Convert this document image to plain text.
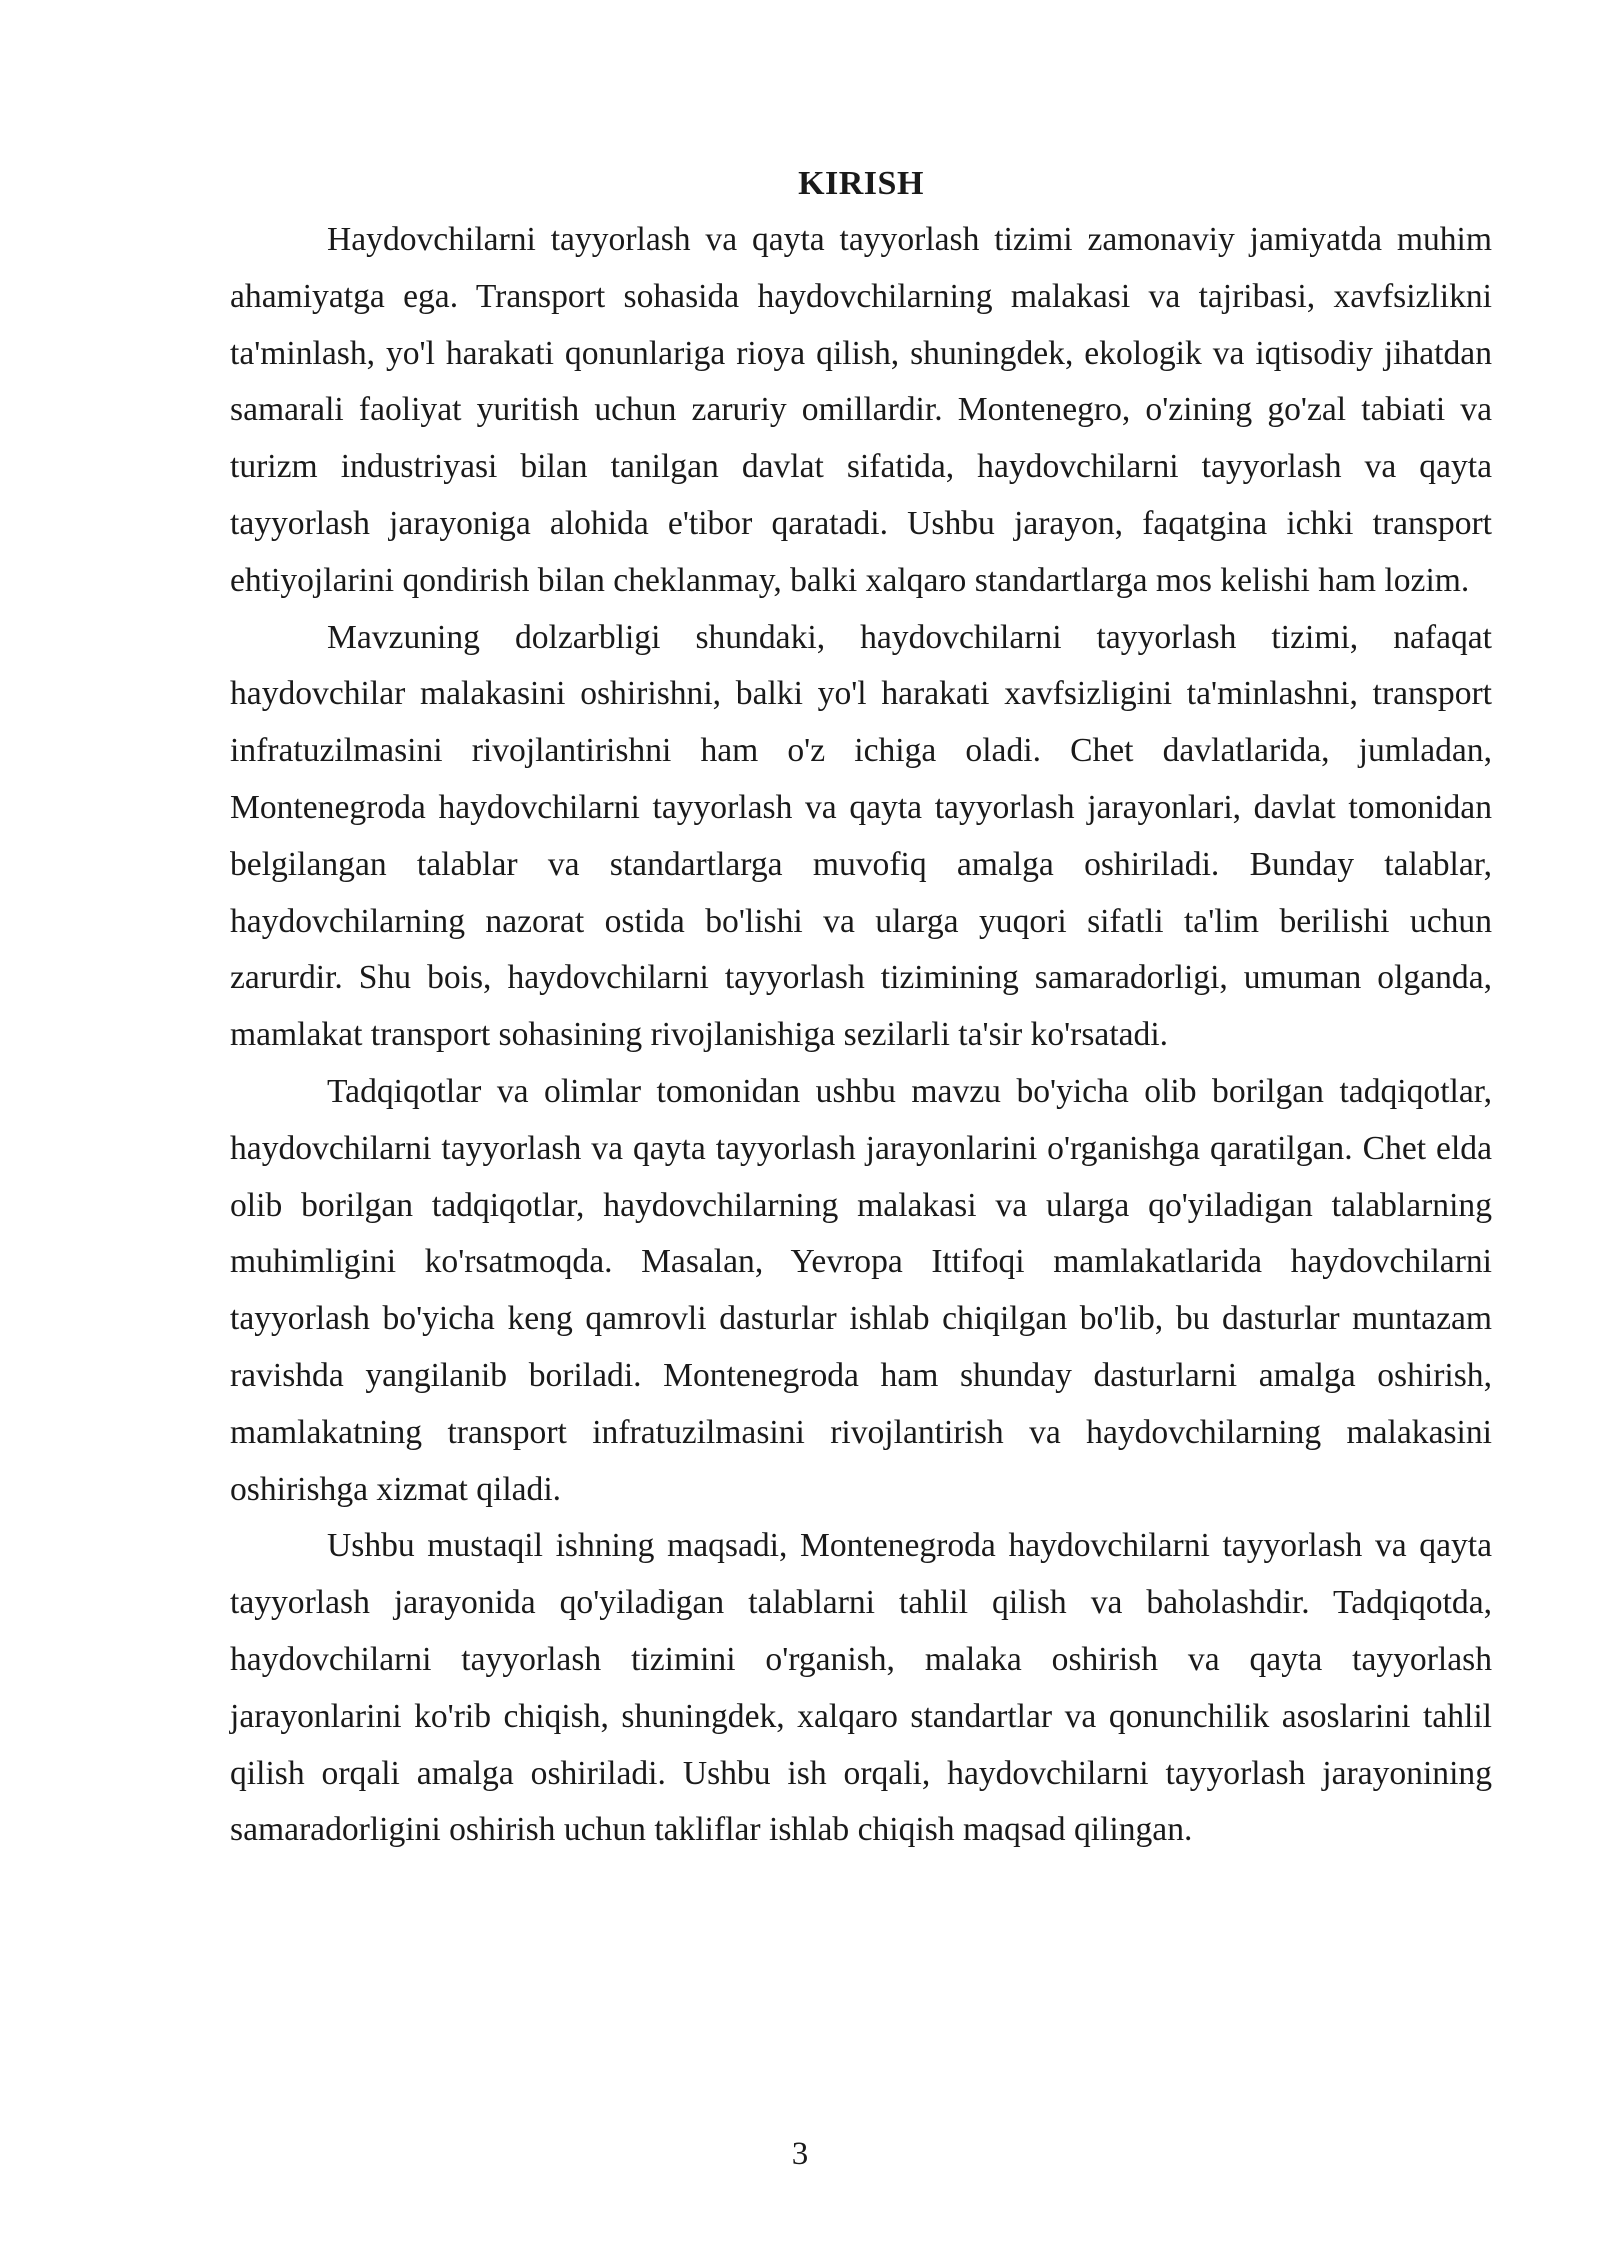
KIRISH

Haydovchilarni tayyorlash va qayta tayyorlash tizimi zamonaviy jamiyatda muhim ahamiyatga ega. Transport sohasida haydovchilarning malakasi va tajribasi, xavfsizlikni ta'minlash, yo'l harakati qonunlariga rioya qilish, shuningdek, ekologik va iqtisodiy jihatdan samarali faoliyat yuritish uchun zaruriy omillardir. Montenegro, o'zining go'zal tabiati va turizm industriyasi bilan tanilgan davlat sifatida, haydovchilarni tayyorlash va qayta tayyorlash jarayoniga alohida e'tibor qaratadi. Ushbu jarayon, faqatgina ichki transport ehtiyojlarini qondirish bilan cheklanmay, balki xalqaro standartlarga mos kelishi ham lozim.

Mavzuning dolzarbligi shundaki, haydovchilarni tayyorlash tizimi, nafaqat haydovchilar malakasini oshirishni, balki yo'l harakati xavfsizligini ta'minlashni, transport infratuzilmasini rivojlantirishni ham o'z ichiga oladi. Chet davlatlarida, jumladan, Montenegroda haydovchilarni tayyorlash va qayta tayyorlash jarayonlari, davlat tomonidan belgilangan talablar va standartlarga muvofiq amalga oshiriladi. Bunday talablar, haydovchilarning nazorat ostida bo'lishi va ularga yuqori sifatli ta'lim berilishi uchun zarurdir. Shu bois, haydovchilarni tayyorlash tizimining samaradorligi, umuman olganda, mamlakat transport sohasining rivojlanishiga sezilarli ta'sir ko'rsatadi.

Tadqiqotlar va olimlar tomonidan ushbu mavzu bo'yicha olib borilgan tadqiqotlar, haydovchilarni tayyorlash va qayta tayyorlash jarayonlarini o'rganishga qaratilgan. Chet elda olib borilgan tadqiqotlar, haydovchilarning malakasi va ularga qo'yiladigan talablarning muhimligini ko'rsatmoqda. Masalan, Yevropa Ittifoqi mamlakatlarida haydovchilarni tayyorlash bo'yicha keng qamrovli dasturlar ishlab chiqilgan bo'lib, bu dasturlar muntazam ravishda yangilanib boriladi. Montenegroda ham shunday dasturlarni amalga oshirish, mamlakatning transport infratuzilmasini rivojlantirish va haydovchilarning malakasini oshirishga xizmat qiladi.

Ushbu mustaqil ishning maqsadi, Montenegroda haydovchilarni tayyorlash va qayta tayyorlash jarayonida qo'yiladigan talablarni tahlil qilish va baholashdir. Tadqiqotda, haydovchilarni tayyorlash tizimini o'rganish, malaka oshirish va qayta tayyorlash jarayonlarini ko'rib chiqish, shuningdek, xalqaro standartlar va qonunchilik asoslarini tahlil qilish orqali amalga oshiriladi. Ushbu ish orqali, haydovchilarni tayyorlash jarayonining samaradorligini oshirish uchun takliflar ishlab chiqish maqsad qilingan.

3
